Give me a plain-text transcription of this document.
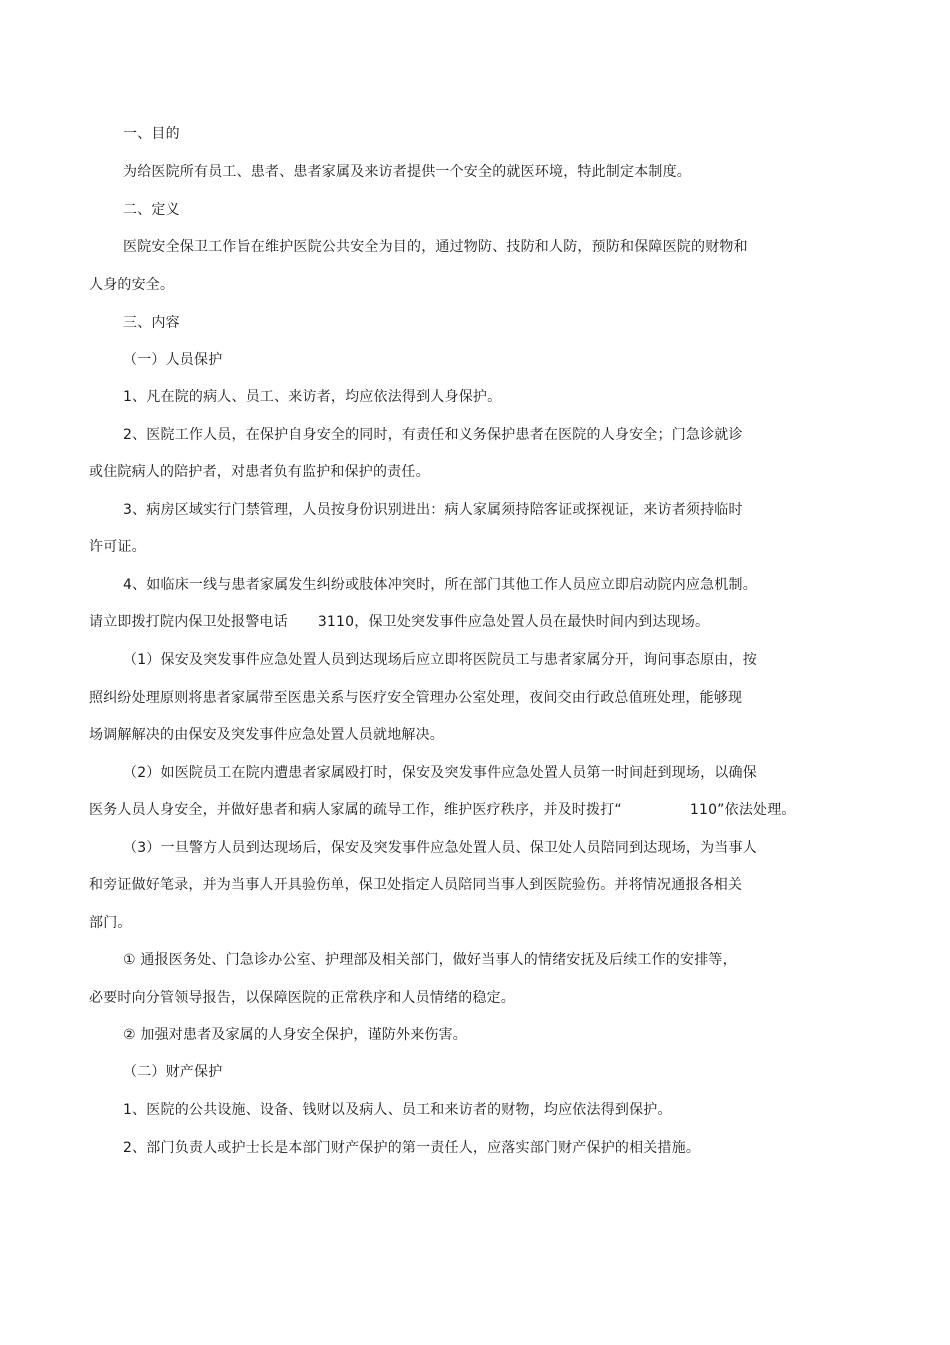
一、目的
为给医院所有员工、患者、患者家属及来访者提供一个安全的就医环境，特此制定本制度。
二、定义
医院安全保卫工作旨在维护医院公共安全为目的，通过物防、技防和人防，预防和保障医院的财物和
人身的安全。
三、内容
（一）人员保护
1、凡在院的病人、员工、来访者，均应依法得到人身保护。
2、医院工作人员，在保护自身安全的同时，有责任和义务保护患者在医院的人身安全；门急诊就诊
或住院病人的陪护者，对患者负有监护和保护的责任。
3、病房区域实行门禁管理，人员按身份识别进出：病人家属须持陪客证或探视证，来访者须持临时
许可证。
4、如临床一线与患者家属发生纠纷或肢体冲突时，所在部门其他工作人员应立即启动院内应急机制。
请立即拨打院内保卫处报警电话 3110，保卫处突发事件应急处置人员在最快时间内到达现场。
（1）保安及突发事件应急处置人员到达现场后应立即将医院员工与患者家属分开，询问事态原由，按
照纠纷处理原则将患者家属带至医患关系与医疗安全管理办公室处理，夜间交由行政总值班处理，能够现
场调解解决的由保安及突发事件应急处置人员就地解决。
（2）如医院员工在院内遭患者家属殴打时，保安及突发事件应急处置人员第一时间赶到现场，以确保
医务人员人身安全，并做好患者和病人家属的疏导工作，维护医疗秩序，并及时拨打“	110”依法处理。
（3）一旦警方人员到达现场后，保安及突发事件应急处置人员、保卫处人员陪同到达现场，为当事人
和旁证做好笔录，并为当事人开具验伤单，保卫处指定人员陪同当事人到医院验伤。并将情况通报各相关
部门。
① 通报医务处、门急诊办公室、护理部及相关部门，做好当事人的情绪安抚及后续工作的安排等，
必要时向分管领导报告，以保障医院的正常秩序和人员情绪的稳定。
② 加强对患者及家属的人身安全保护，谨防外来伤害。
（二）财产保护
1、医院的公共设施、设备、钱财以及病人、员工和来访者的财物，均应依法得到保护。
2、部门负责人或护士长是本部门财产保护的第一责任人，应落实部门财产保护的相关措施。
